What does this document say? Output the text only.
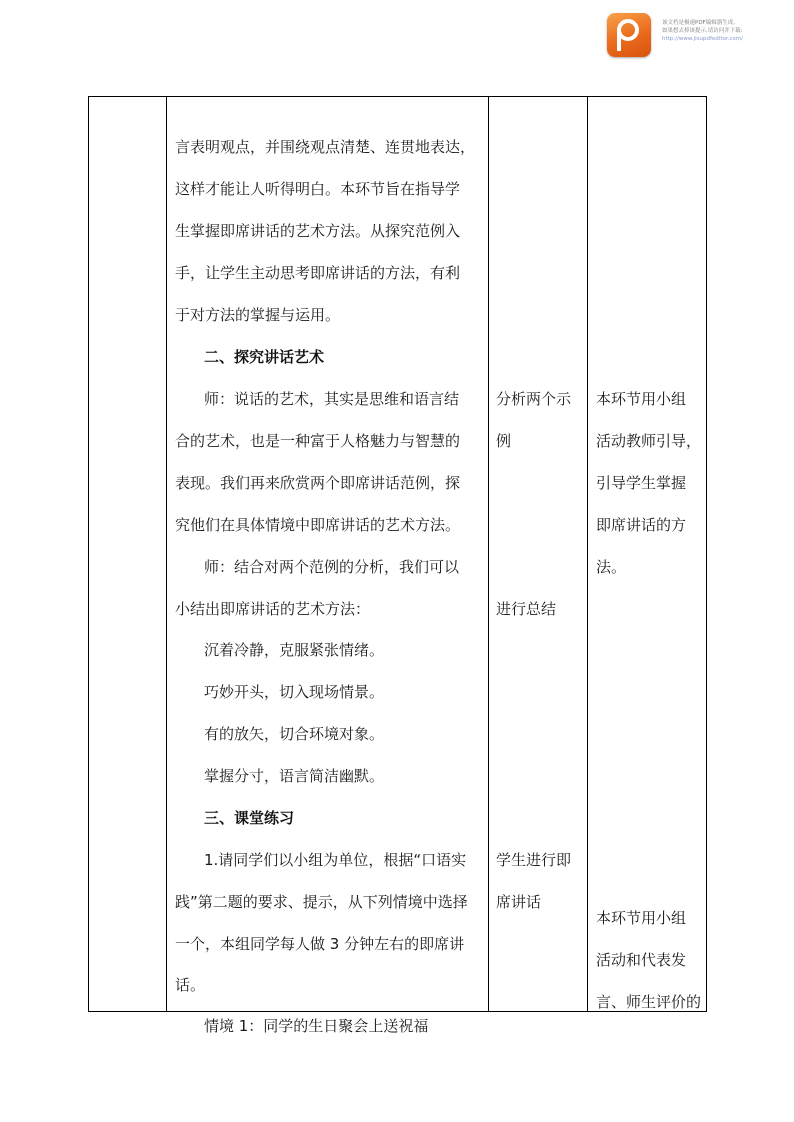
该文档是极速PDF编辑器生成,
如果想去掉该提示,请访问并下载:
http://www.jisupdfeditor.com/
言表明观点，并围绕观点清楚、连贯地表达，
这样才能让人听得明白。本环节旨在指导学
生掌握即席讲话的艺术方法。从探究范例入
手，让学生主动思考即席讲话的方法，有利
于对方法的掌握与运用。
二、探究讲话艺术
师：说话的艺术，其实是思维和语言结
合的艺术，也是一种富于人格魅力与智慧的
表现。我们再来欣赏两个即席讲话范例，探
究他们在具体情境中即席讲话的艺术方法。
师：结合对两个范例的分析，我们可以
小结出即席讲话的艺术方法：
沉着冷静，克服紧张情绪。
巧妙开头，切入现场情景。
有的放矢，切合环境对象。
掌握分寸，语言简洁幽默。
三、课堂练习
1.请同学们以小组为单位，根据“口语实
践”第二题的要求、提示，从下列情境中选择
一个，本组同学每人做 3 分钟左右的即席讲
话。
情境 1：同学的生日聚会上送祝福
分析两个示
例
进行总结
学生进行即
席讲话
本环节用小组
活动教师引导，
引导学生掌握
即席讲话的方
法。
本环节用小组
活动和代表发
言、师生评价的
